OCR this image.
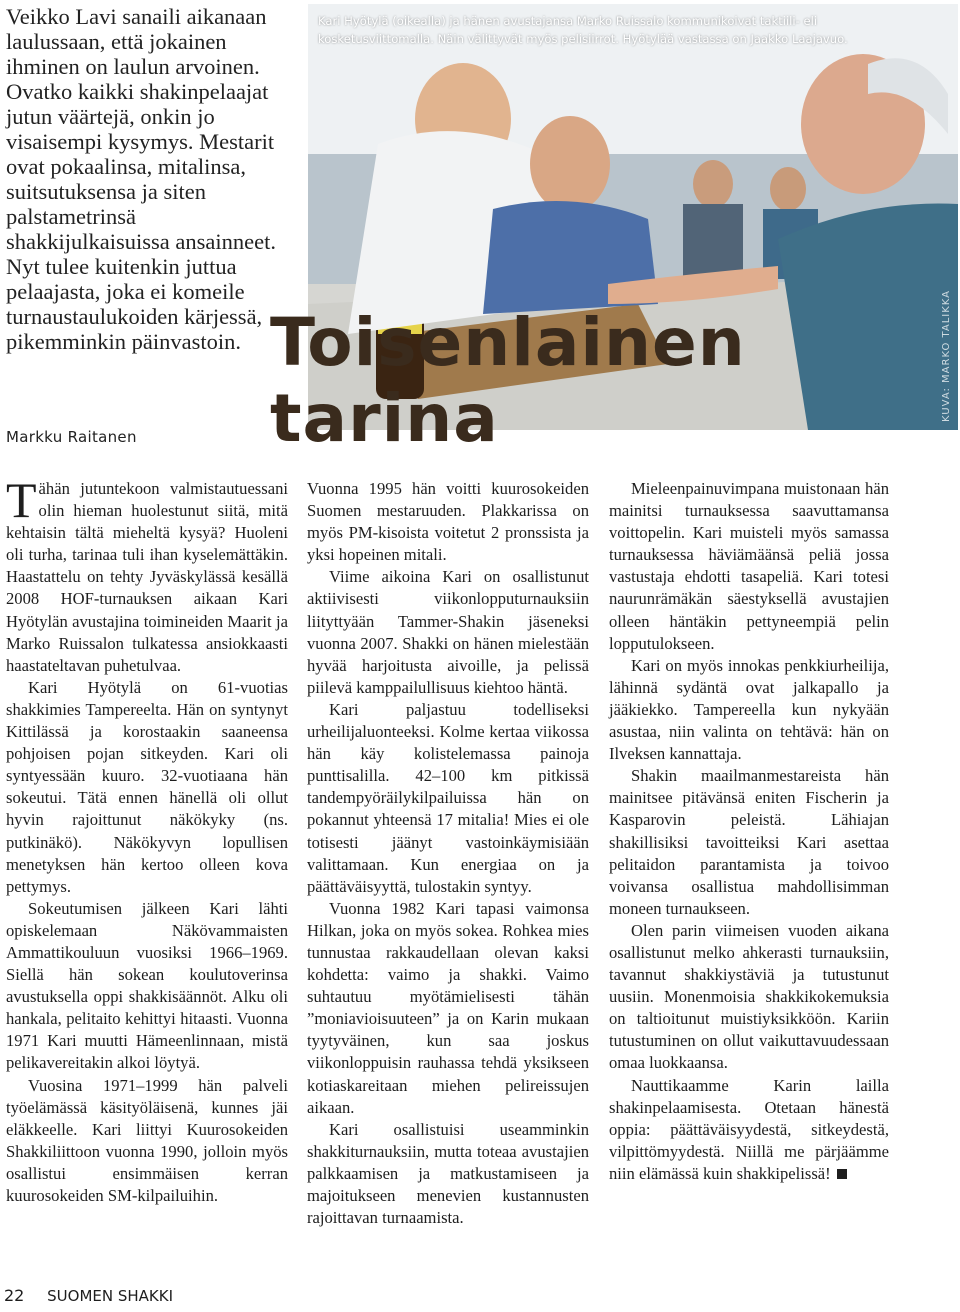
Veikko Lavi sanaili aikanaan laulussaan, että jokainen ihminen on laulun arvoinen. Ovatko kaikki shakinpelaajat jutun väärtejä, onkin jo visaisempi kysymys. Mestarit ovat pokaalinsa, mitalinsa, suitsutuksensa ja siten palstametrinsä shakkijulkaisuissa ansainneet. Nyt tulee kuitenkin juttua pelaajasta, joka ei komeile turnaustaulukoiden kärjessä, pikemminkin päinvastoin.

Markku Raitanen

Kari Hyötylä (oikealla) ja hänen avustajansa Marko Ruissalo kommunikoivat taktiili- eli kosketusviittomalla. Näin välittyvät myös pelisiirrot. Hyötylää vastassa on Jaakko Laajavuo.

KUVA: MARKO TALIKKA

Toisenlainen
tarina

Tähän jutuntekoon valmistautuessani olin hieman huolestunut siitä, mitä kehtaisin tältä mieheltä kysyä? Huoleni oli turha, tarinaa tuli ihan kyselemättäkin. Haastattelu on tehty Jyväskylässä kesällä 2008 HOF-turnauksen aikaan Kari Hyötylän avustajina toimineiden Maarit ja Marko Ruissalon tulkatessa ansiokkaasti haastateltavan puhetulvaa.

Kari Hyötylä on 61-vuotias shakkimies Tampereelta. Hän on syntynyt Kittilässä ja korostaakin saaneensa pohjoisen pojan sitkeyden. Kari oli syntyessään kuuro. 32-vuotiaana hän sokeutui. Tätä ennen hänellä oli ollut hyvin rajoittunut näkökyky (ns. putkinäkö). Näkökyvyn lopullisen menetyksen hän kertoo olleen kova pettymys.

Sokeutumisen jälkeen Kari lähti opiskelemaan Näkövammaisten Ammattikouluun vuosiksi 1966–1969. Siellä hän sokean koulutoverinsa avustuksella oppi shakkisäännöt. Alku oli hankala, pelitaito kehittyi hitaasti. Vuonna 1971 Kari muutti Hämeenlinnaan, mistä pelikavereitakin alkoi löytyä.

Vuosina 1971–1999 hän palveli työelämässä käsityöläisenä, kunnes jäi eläkkeelle. Kari liittyi Kuurosokeiden Shakkiliittoon vuonna 1990, jolloin myös osallistui ensimmäisen kerran kuurosokeiden SM-kilpailuihin.

Vuonna 1995 hän voitti kuurosokeiden Suomen mestaruuden. Plakkarissa on myös PM-kisoista voitetut 2 pronssista ja yksi hopeinen mitali.

Viime aikoina Kari on osallistunut aktiivisesti viikonlopputurnauksiin liityttyään Tammer-Shakin jäseneksi vuonna 2007. Shakki on hänen mielestään hyvää harjoitusta aivoille, ja pelissä piilevä kamppailullisuus kiehtoo häntä.

Kari paljastuu todelliseksi urheilijaluonteeksi. Kolme kertaa viikossa hän käy kolistelemassa painoja punttisalilla. 42–100 km pitkissä tandempyöräilykilpailuissa hän on pokannut yhteensä 17 mitalia! Mies ei ole totisesti jäänyt vastoinkäymisiään valittamaan. Kun energiaa on ja päättäväisyyttä, tulostakin syntyy.

Vuonna 1982 Kari tapasi vaimonsa Hilkan, joka on myös sokea. Rohkea mies tunnustaa rakkaudellaan olevan kaksi kohdetta: vaimo ja shakki. Vaimo suhtautuu myötämielisesti tähän ”moniavioisuuteen” ja on Karin mukaan tyytyväinen, kun saa joskus viikonloppuisin rauhassa tehdä yksikseen kotiaskareitaan miehen pelireissujen aikaan.

Kari osallistuisi useamminkin shakkiturnauksiin, mutta toteaa avustajien palkkaamisen ja matkustamiseen ja majoitukseen menevien kustannusten rajoittavan turnaamista.

Mieleenpainuvimpana muistonaan hän mainitsi turnauksessa saavuttamansa voittopelin. Kari muisteli myös samassa turnauksessa häviämäänsä peliä jossa vastustaja ehdotti tasapeliä. Kari totesi naurunrämäkän säestyksellä avustajien olleen häntäkin pettyneempiä pelin lopputulokseen.

Kari on myös innokas penkkiurheilija, lähinnä sydäntä ovat jalkapallo ja jääkiekko. Tampereella kun nykyään asustaa, niin valinta on tehtävä: hän on Ilveksen kannattaja.

Shakin maailmanmestareista hän mainitsee pitävänsä eniten Fischerin ja Kasparovin peleistä. Lähiajan shakillisiksi tavoitteiksi Kari asettaa pelitaidon parantamista ja toivoo voivansa osallistua mahdollisimman moneen turnaukseen.

Olen parin viimeisen vuoden aikana osallistunut melko ahkerasti turnauksiin, tavannut shakkiystäviä ja tutustunut uusiin. Monenmoisia shakkikokemuksia on taltioitunut muistiyksikköön. Kariin tutustuminen on ollut vaikuttavuudessaan omaa luokkaansa.

Nauttikaamme Karin lailla shakinpelaamisesta. Otetaan hänestä oppia: päättäväisyydestä, sitkeydestä, vilpittömyydestä. Niillä me pärjäämme niin elämässä kuin shakkipelissä!

22 SUOMEN SHAKKI
